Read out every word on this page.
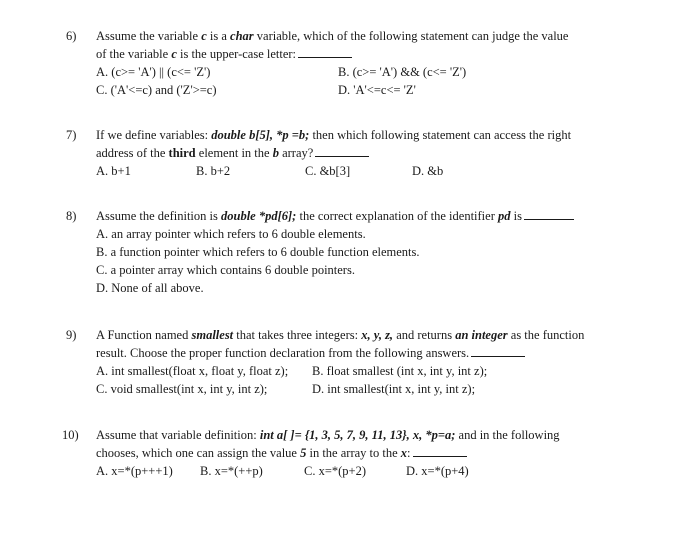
6)	Assume the variable c is a char variable, which of the following statement can judge the value
of the variable c is the upper-case letter:
A. (c>= 'A') || (c<= 'Z')	B. (c>= 'A') && (c<= 'Z')
C. ('A'<=c) and ('Z'>=c)	D. 'A'<=c<= 'Z'
7)	If we define variables: double b[5], *p =b; then which following statement can access the right
address of the third element in the b array?
A. b+1	B. b+2	C. &b[3]	D. &b
8)	Assume the definition is double *pd[6]; the correct explanation of the identifier pd is
A. an array pointer which refers to 6 double elements.
B. a function pointer which refers to 6 double function elements.
C. a pointer array which contains 6 double pointers.
D. None of all above.
9)	A Function named smallest that takes three integers: x, y, z, and returns an integer as the function
result. Choose the proper function declaration from the following answers.
A. int smallest(float x, float y, float z); B. float smallest (int x, int y, int z);
C. void smallest(int x, int y, int z);	D. int smallest(int x, int y, int z);
10)	Assume that variable definition: int a[ ]= {1, 3, 5, 7, 9, 11, 13}, x, *p=a; and in the following
chooses, which one can assign the value 5 in the array to the x:
A. x=*(p+++1) B. x=*(++p)	C. x=*(p+2)	D. x=*(p+4)
